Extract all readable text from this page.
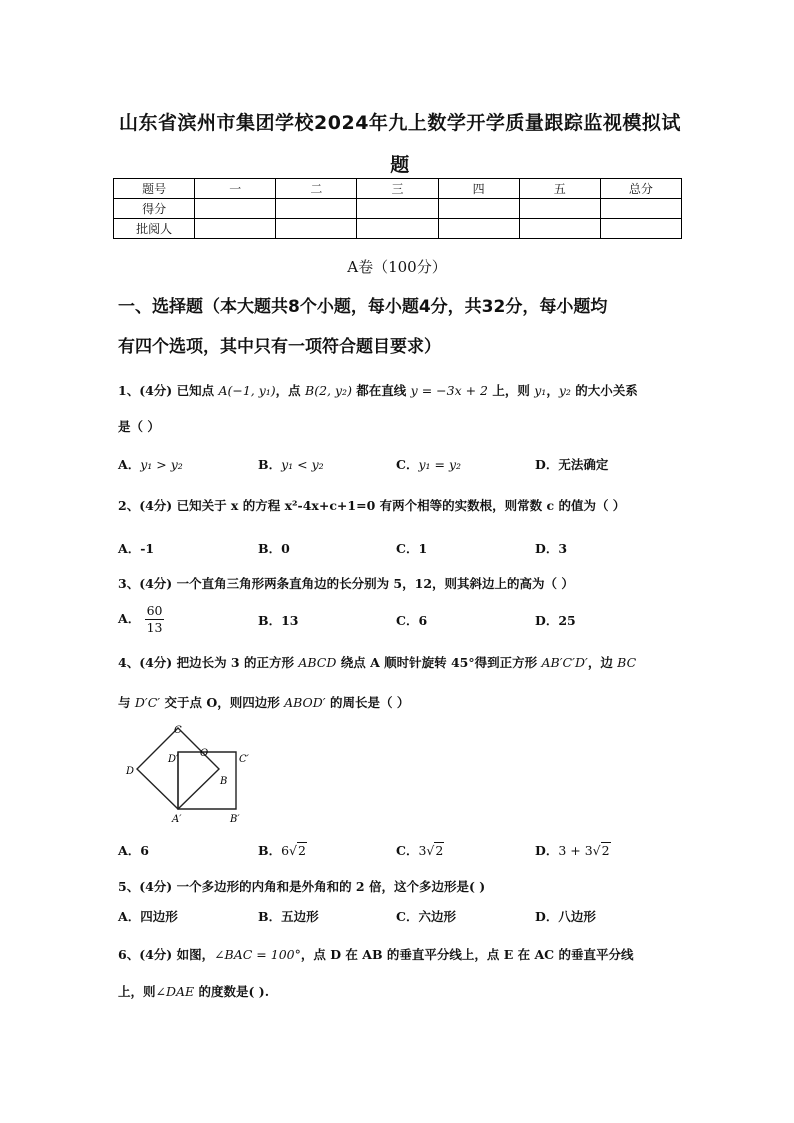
山东省滨州市集团学校2024年九上数学开学质量跟踪监视模拟试
题
题号	一	二	三	四	五	总分
得分						
批阅人						
A卷（100分）
一、选择题（本大题共8个小题，每小题4分，共32分，每小题均
有四个选项，其中只有一项符合题目要求）
1、(4分) 已知点 A(−1, y₁)，点 B(2, y₂) 都在直线 y = −3x + 2 上，则 y₁，y₂ 的大小关系
是（ ）
A．y₁ > y₂	B．y₁ < y₂	C．y₁ = y₂	D．无法确定
2、(4分) 已知关于 x 的方程 x²-4x+c+1=0 有两个相等的实数根，则常数 c 的值为（ ）
A．-1	B．0	C．1	D．3
3、(4分) 一个直角三角形两条直角边的长分别为 5，12，则其斜边上的高为（ ）
A． $\frac{60}{13}$	B．13	C．6	D．25
4、(4分) 把边长为 3 的正方形 ABCD 绕点 A 顺时针旋转 45°得到正方形 AB′C′D′，边 BC
与 D′C′ 交于点 O，则四边形 ABOD′ 的周长是（ ）
C
D′
O
C′
D
B
A′	B′
A．6	B．6√2	C．3√2	D．3 + 3√2
5、(4分) 一个多边形的内角和是外角和的 2 倍，这个多边形是( )
A．四边形	B．五边形	C．六边形	D．八边形
6、(4分) 如图，∠BAC = 100°，点 D 在 AB 的垂直平分线上，点 E 在 AC 的垂直平分线
上，则∠DAE 的度数是( ).
